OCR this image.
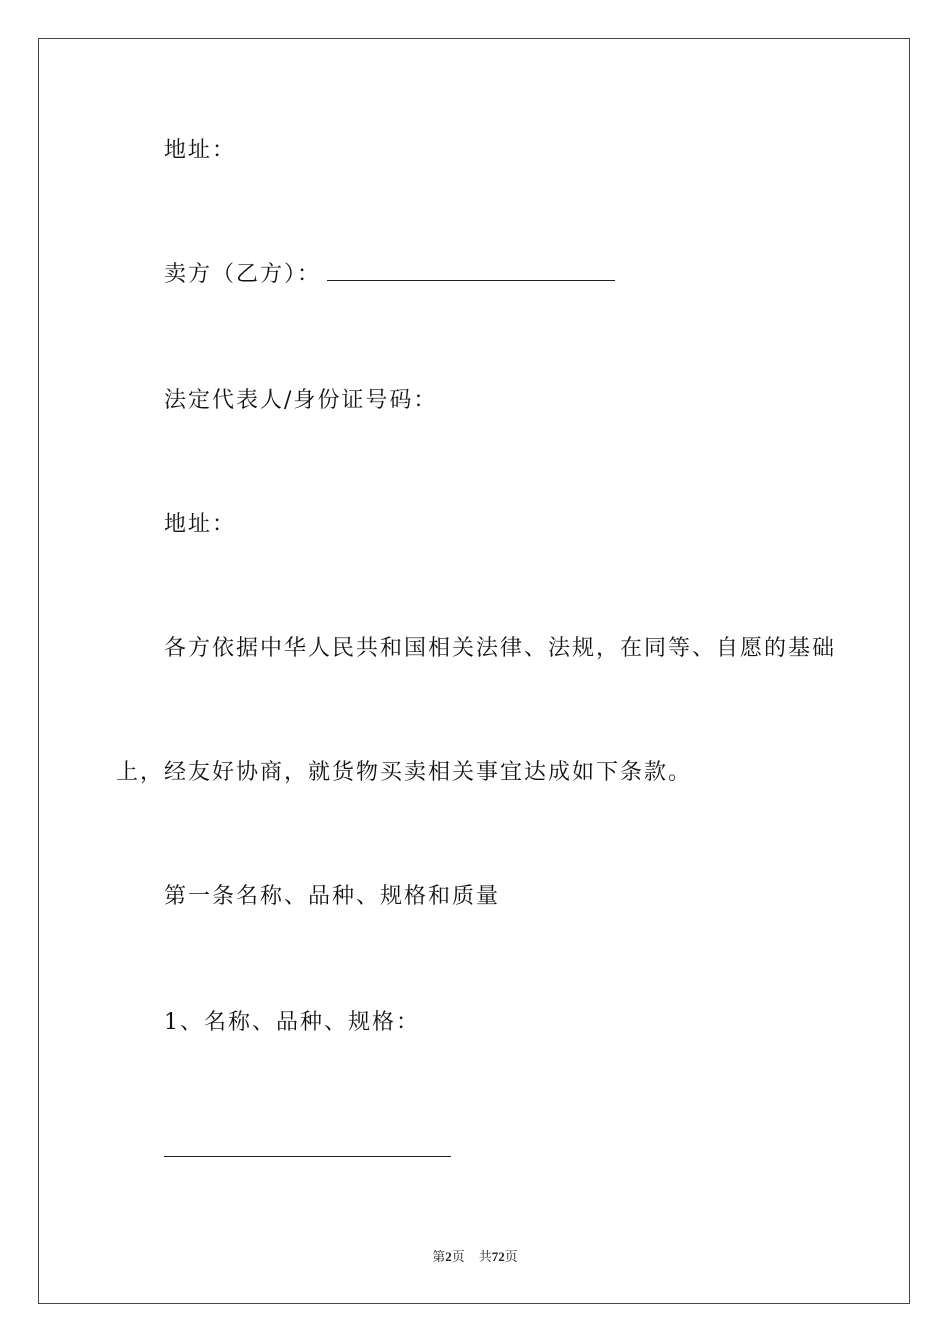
地址：
卖方（乙方）：
法定代表人/身份证号码：
地址：
各方依据中华人民共和国相关法律、法规，在同等、自愿的基础
上，经友好协商，就货物买卖相关事宜达成如下条款。
第一条名称、品种、规格和质量
1、名称、品种、规格：
第2页 共72页
